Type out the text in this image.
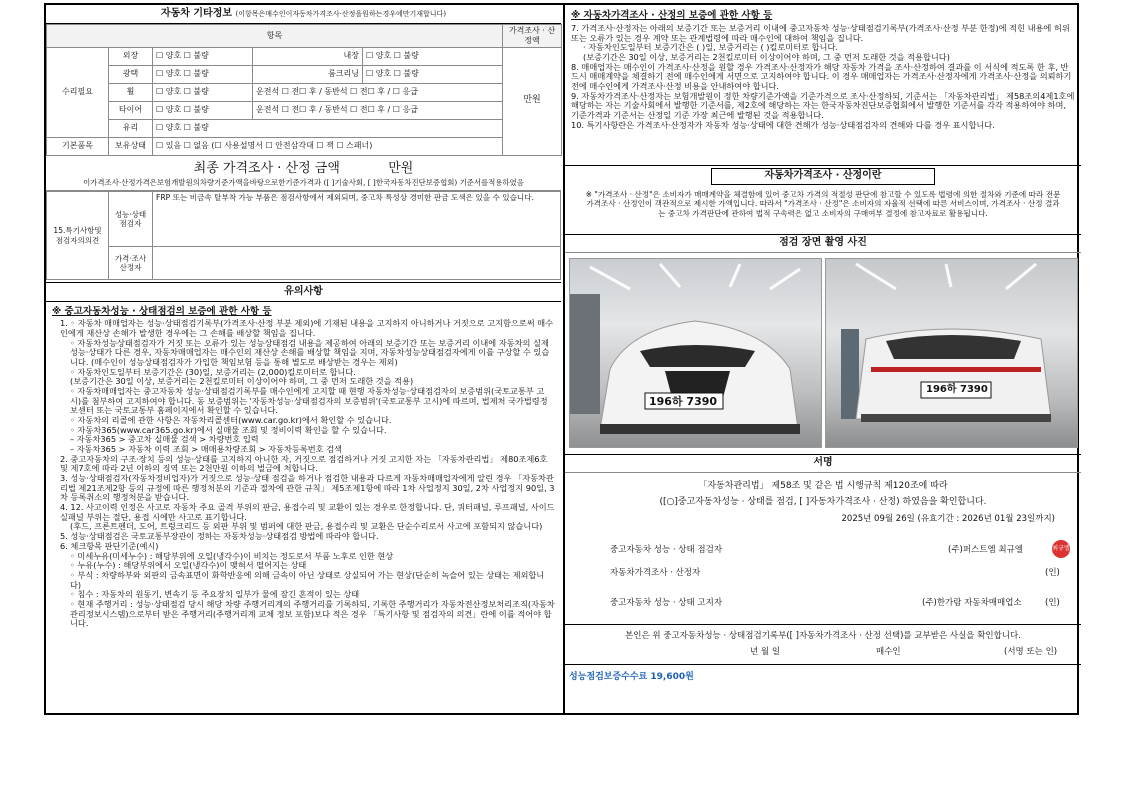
자동차 기타정보 (이항목은매수인이자동차가격조사·산정을원하는경우에만기재합니다)
항목					가격조사 · 산정액
수리필요	외장	☐ 양호 ☐ 불량	내장	☐ 양호 ☐ 불량	만원
	광택	☐ 양호 ☐ 불량	룸크리닝	☐ 양호 ☐ 불량	
	휠	☐ 양호 ☐ 불량	운전석 ☐ 전☐ 후 / 동반석 ☐ 전☐ 후 / ☐ 응급		
	타이어	☐ 양호 ☐ 불량	운전석 ☐ 전☐ 후 / 동반석 ☐ 전☐ 후 / ☐ 응급		
	유리	☐ 양호 ☐ 불량			
기본품목	보유상태	☐ 있음 ☐ 없음 (☐ 사용설명서 ☐ 안전삼각대 ☐ 잭 ☐ 스패너)			
최종 가격조사 · 산정 금액	만원
이가격조사·산정가격은보험개발원의차량기준가액을바탕으로한기준가격과 ([ ]기술사회, [ ]한국자동차진단보증협회) 기준서를적용하였음
15.특기사항및 점검자의의견	성능·상태 점검자	FRP 또는 비금속 탈부착 가능 부품은 점검사항에서 제외되며, 중고차 특성상 경미한 판금 도색은 있을 수 있습니다.
	가격·조사 산정자	
유의사항
※ 중고자동차성능 · 상태점검의 보증에 관한 사항 등

1. ◦ 자동차 매매업자는 성능·상태점검기록부(가격조사·산정 부분 제외)에 기재된 내용을 고지하지 아니하거나 거짓으로 고지함으로써 매수인에게 재산상 손해가 발생한 경우에는 그 손해를 배상할 책임을 집니다.

◦ 자동차성능상태점검자가 거짓 또는 오류가 있는 성능상태점검 내용을 제공하여 아래의 보증기간 또는 보증거리 이내에 자동차의 실제 성능·상태가 다른 경우, 자동차매매업자는 매수인의 재산상 손해를 배상할 책임을 지며, 자동차성능상태점검자에게 이를 구상할 수 있습니다. (매수인이 성능상태점검자가 가입한 책임보험 등을 통해 별도로 배상받는 경우는 제외)

◦ 자동차인도일부터 보증기간은 (30)일, 보증거리는 (2,000)킬로미터로 합니다.

(보증기간은 30일 이상, 보증거리는 2천킬로미터 이상이어야 하며, 그 중 먼저 도래한 것을 적용)

◦ 자동차매매업자는 중고자동차 성능·상태점검기록부를 매수인에게 고지할 때 현행 자동차성능·상태점검자의 보증범위(국토교통부 고시)를 첨부하여 고지하여야 합니다. 동 보증범위는 '자동차성능·상태점검자의 보증범위'(국토교통부 고시)에 따르며, 법제처 국가법령정보센터 또는 국토교통부 홈페이지에서 확인할 수 있습니다.

◦ 자동차의 리콜에 관한 사항은 자동차리콜센터(www.car.go.kr)에서 확인할 수 있습니다.

◦ 자동차365(www.car365.go.kr)에서 실매물 조회 및 정비이력 확인을 할 수 있습니다.

– 자동차365 > 중고차 실매물 검색 > 차량번호 입력

– 자동차365 > 자동차 이력 조회 > 매매용차량조회 > 자동차등록번호 검색

2. 중고자동차의 구조·장치 등의 성능·상태를 고지하지 아니한 자, 거짓으로 점검하거나 거짓 고지한 자는 「자동차관리법」 제80조제6호 및 제7호에 따라 2년 이하의 징역 또는 2천만원 이하의 벌금에 처합니다.

3. 성능·상태점검자(자동차정비업자)가 거짓으로 성능·상태 점검을 하거나 점검한 내용과 다르게 자동차매매업자에게 알린 경우 「자동차관리법 제21조제2항 등의 규정에 따른 행정처분의 기준과 절차에 관한 규칙」 제5조제1항에 따라 1차 사업정지 30일, 2차 사업정지 90일, 3차 등록취소의 행정처분을 받습니다.

4. 12. 사고이력 인정은 사고로 자동차 주요 골격 부위의 판금, 용접수리 및 교환이 있는 경우로 한정합니다. 단, 쿼터패널, 루프패널, 사이드실패널 부위는 절단, 용접 시에만 사고로 표기합니다.

(후드, 프론트펜더, 도어, 트렁크리드 등 외판 부위 및 범퍼에 대한 판금, 용접수리 및 교환은 단순수리로서 사고에 포함되지 않습니다)

5. 성능·상태점검은 국토교통부장관이 정하는 자동차성능·상태점검 방법에 따라야 합니다.

6. 체크항목 판단기준(예시)

◦ 미세누유(미세누수) : 해당부위에 오일(냉각수)이 비치는 정도로서 부품 노후로 인한 현상

◦ 누유(누수) : 해당부위에서 오일(냉각수)이 맺혀서 떨어지는 상태

◦ 부식 : 차량하부와 외판의 금속표면이 화학반응에 의해 금속이 아닌 상태로 상실되어 가는 현상(단순히 녹슬어 있는 상태는 제외합니다)

◦ 침수 : 자동차의 원동기, 변속기 등 주요장치 일부가 물에 잠긴 흔적이 있는 상태

◦ 현재 주행거리 : 성능·상태점검 당시 해당 차량 주행거리계의 주행거리를 기록하되, 기록한 주행거리가 자동차전산정보처리조직(자동차관리정보시스템)으로부터 받은 주행거리(주행거리계 교체 정보 포함)보다 적은 경우 「특기사항 및 점검자의 의견」란에 이를 적어야 합니다.

※ 자동차가격조사 · 산정의 보증에 관한 사항 등

7. 가격조사·산정자는 아래의 보증기간 또는 보증거리 이내에 중고자동차 성능·상태점검기록부(가격조사·산정 부분 한정)에 적힌 내용에 허위 또는 오류가 있는 경우 계약 또는 관계법령에 따라 매수인에 대하여 책임을 집니다.

· 자동차인도일부터 보증기간은 ( )일, 보증거리는 ( )킬로미터로 합니다.

(보증기간은 30일 이상, 보증거리는 2천킬로미터 이상이어야 하며, 그 중 먼저 도래한 것을 적용합니다)

8. 매매업자는 매수인이 가격조사·산정을 원할 경우 가격조사·산정자가 해당 자동차 가격을 조사·산정하여 결과를 이 서식에 적도록 한 후, 반드시 매매계약을 체결하기 전에 매수인에게 서면으로 고지하여야 합니다. 이 경우 매매업자는 가격조사·산정자에게 가격조사·산정을 의뢰하기 전에 매수인에게 가격조사·산정 비용을 안내하여야 합니다.

9. 자동차가격조사·산정자는 보험개발원이 정한 차량기준가액을 기준가격으로 조사·산정하되, 기준서는 「자동차관리법」 제58조의4제1호에 해당하는 자는 기술사회에서 발행한 기준서를, 제2호에 해당하는 자는 한국자동차진단보증협회에서 발행한 기준서를 각각 적용하여야 하며, 기준가격과 기준서는 산정일 기준 가장 최근에 발행된 것을 적용합니다.

10. 특기사항란은 가격조사·산정자가 자동차 성능·상태에 대한 견해가 성능·상태점검자의 견해와 다를 경우 표시합니다.

자동차가격조사 · 산정이란
※ "가격조사 · 산정"은 소비자가 매매계약을 체결함에 있어 중고차 가격의 적절성 판단에 참고할 수 있도록 법령에 의한 절차와 기준에 따라 전문 가격조사 · 산정인이 객관적으로 제시한 가액입니다. 따라서 "가격조사 · 산정"은 소비자의 자율적 선택에 따른 서비스이며, 가격조사 · 산정 결과는 중고차 가격판단에 관하여 법적 구속력은 없고 소비자의 구매여부 결정에 참고자료로 활용됩니다.
점검 장면 촬영 사진
196하 7390
196하 7390
서명
「자동차관리법」 제58조 및 같은 법 시행규칙 제120조에 따라
([○]중고자동차성능 · 상태를 점검, [ ]자동차가격조사 · 산정) 하였음을 확인합니다.
2025년 09월 26일 (유효기간 : 2026년 01월 23일까지)
중고자동차 성능 · 상태 점검자	(주)퍼스트엠 최규엘	최규엘
자동차가격조사 · 산정자	(인)
중고자동차 성능 · 상태 고지자	(주)한가람 자동차매매업소	(인)
본인은 위 중고자동차성능 · 상태점검기록부([ ]자동차가격조사 · 산정 선택)를 교부받은 사실을 확인합니다.
년 월 일	매수인	(서명 또는 인)
성능점검보증수수료 19,600원
